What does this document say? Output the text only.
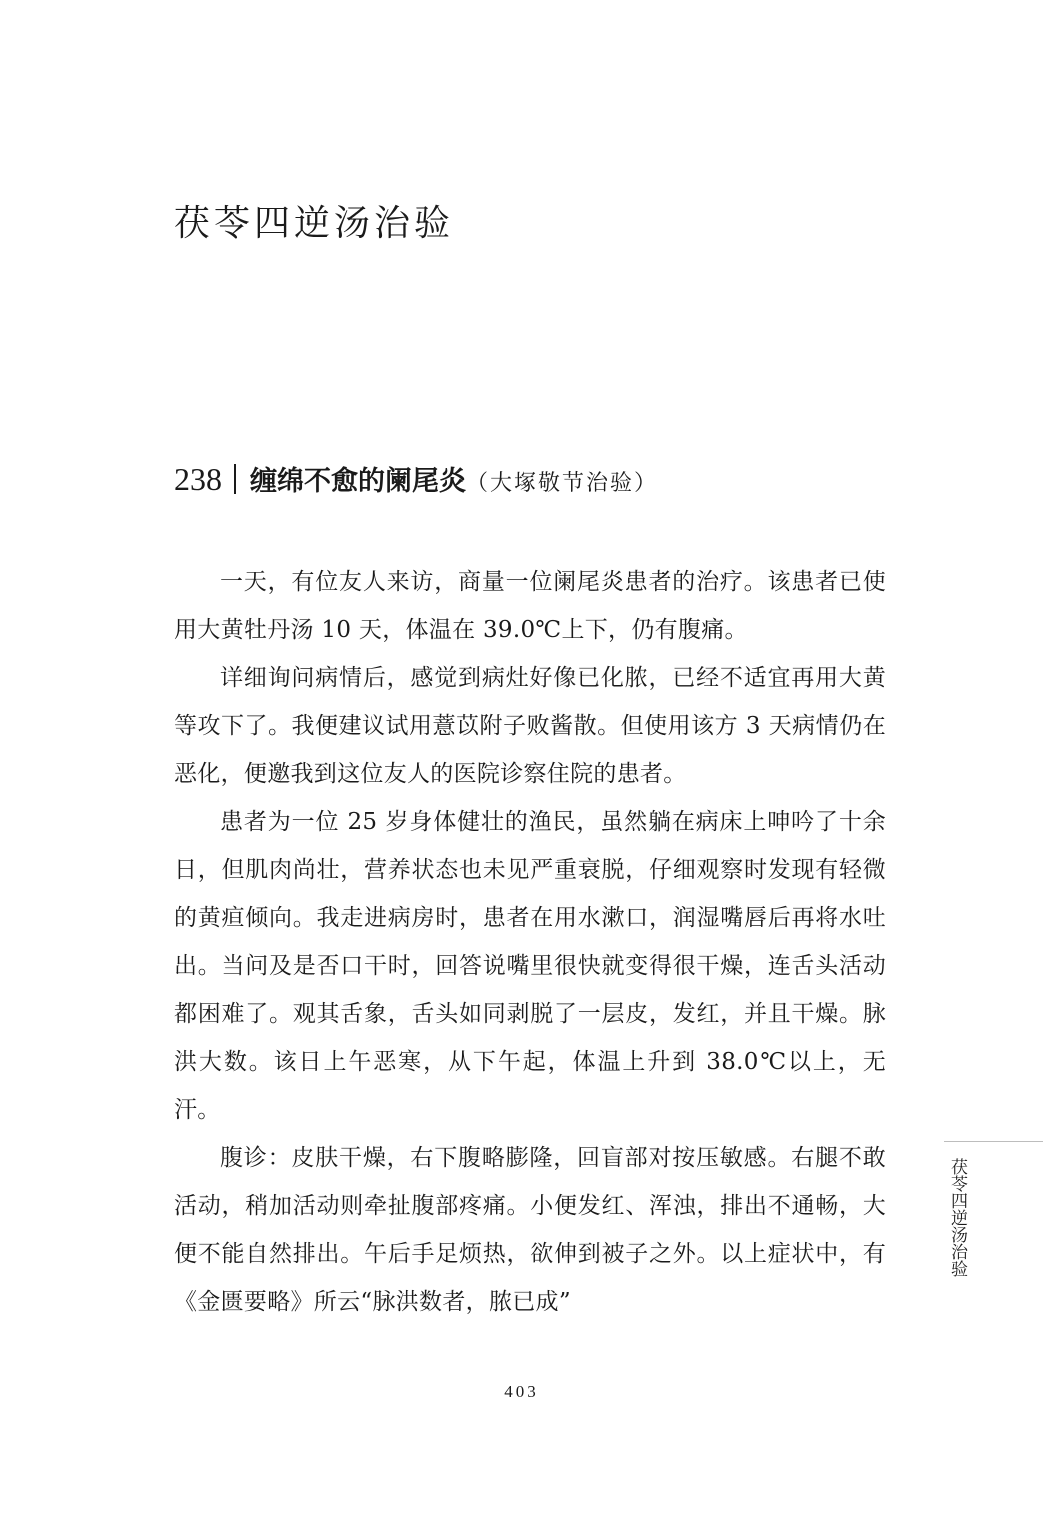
茯苓四逆汤治验
238 缠绵不愈的阑尾炎（大塚敬节治验）

一天，有位友人来访，商量一位阑尾炎患者的治疗。该患者已使用大黄牡丹汤 10 天，体温在 39.0℃上下，仍有腹痛。

详细询问病情后，感觉到病灶好像已化脓，已经不适宜再用大黄等攻下了。我便建议试用薏苡附子败酱散。但使用该方 3 天病情仍在恶化，便邀我到这位友人的医院诊察住院的患者。

患者为一位 25 岁身体健壮的渔民，虽然躺在病床上呻吟了十余日，但肌肉尚壮，营养状态也未见严重衰脱，仔细观察时发现有轻微的黄疸倾向。我走进病房时，患者在用水漱口，润湿嘴唇后再将水吐出。当问及是否口干时，回答说嘴里很快就变得很干燥，连舌头活动都困难了。观其舌象，舌头如同剥脱了一层皮，发红，并且干燥。脉洪大数。该日上午恶寒，从下午起，体温上升到 38.0℃以上，无汗。

腹诊：皮肤干燥，右下腹略膨隆，回盲部对按压敏感。右腿不敢活动，稍加活动则牵扯腹部疼痛。小便发红、浑浊，排出不通畅，大便不能自然排出。午后手足烦热，欲伸到被子之外。以上症状中，有《金匮要略》所云“脉洪数者，脓已成”

茯苓四逆汤治验
403
